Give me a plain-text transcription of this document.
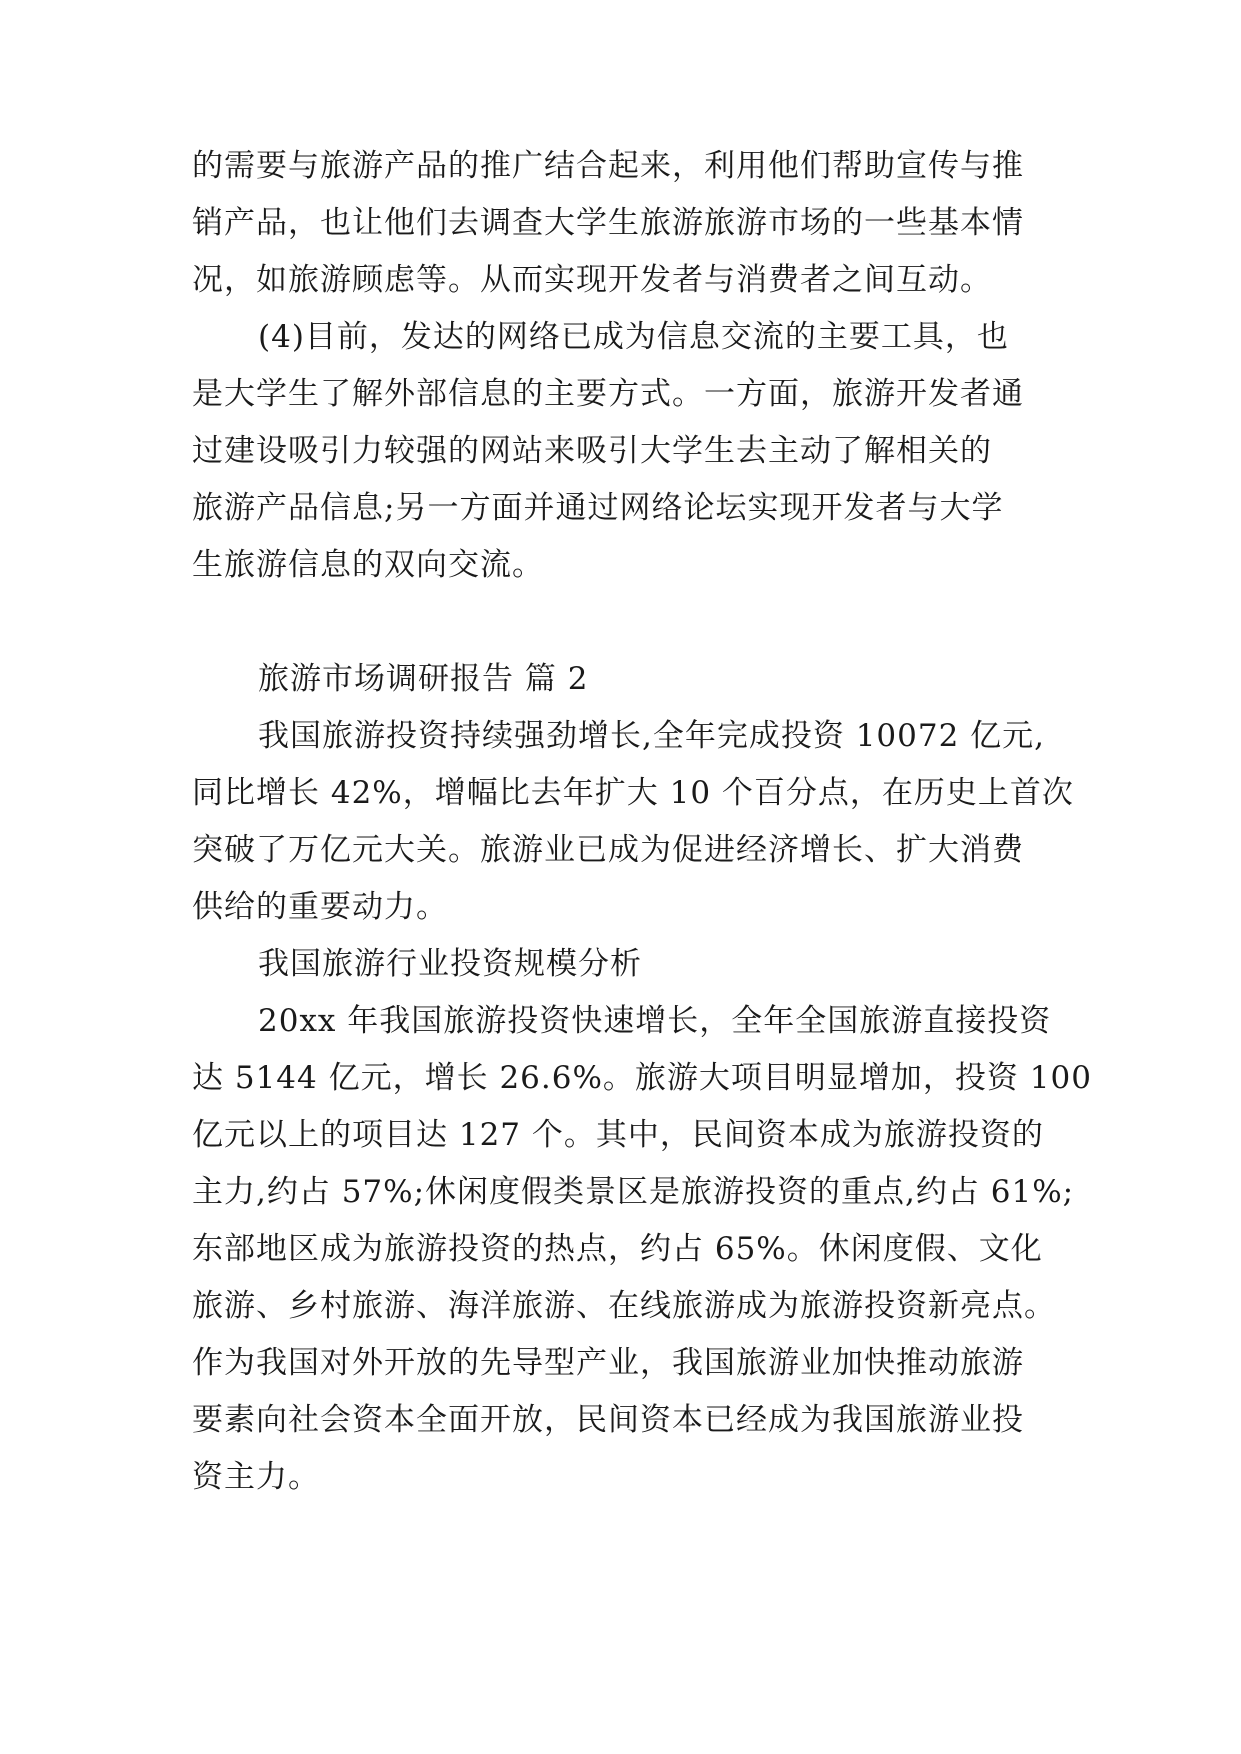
的需要与旅游产品的推广结合起来，利用他们帮助宣传与推
销产品，也让他们去调查大学生旅游旅游市场的一些基本情
况，如旅游顾虑等。从而实现开发者与消费者之间互动。
(4)目前，发达的网络已成为信息交流的主要工具，也
是大学生了解外部信息的主要方式。一方面，旅游开发者通
过建设吸引力较强的网站来吸引大学生去主动了解相关的
旅游产品信息;另一方面并通过网络论坛实现开发者与大学
生旅游信息的双向交流。
旅游市场调研报告 篇 2
我国旅游投资持续强劲增长,全年完成投资 10072 亿元,
同比增长 42%，增幅比去年扩大 10 个百分点，在历史上首次
突破了万亿元大关。旅游业已成为促进经济增长、扩大消费
供给的重要动力。
我国旅游行业投资规模分析
20xx 年我国旅游投资快速增长，全年全国旅游直接投资
达 5144 亿元，增长 26.6%。旅游大项目明显增加，投资 100
亿元以上的项目达 127 个。其中，民间资本成为旅游投资的
主力,约占 57%;休闲度假类景区是旅游投资的重点,约占 61%;
东部地区成为旅游投资的热点，约占 65%。休闲度假、文化
旅游、乡村旅游、海洋旅游、在线旅游成为旅游投资新亮点。
作为我国对外开放的先导型产业，我国旅游业加快推动旅游
要素向社会资本全面开放，民间资本已经成为我国旅游业投
资主力。
